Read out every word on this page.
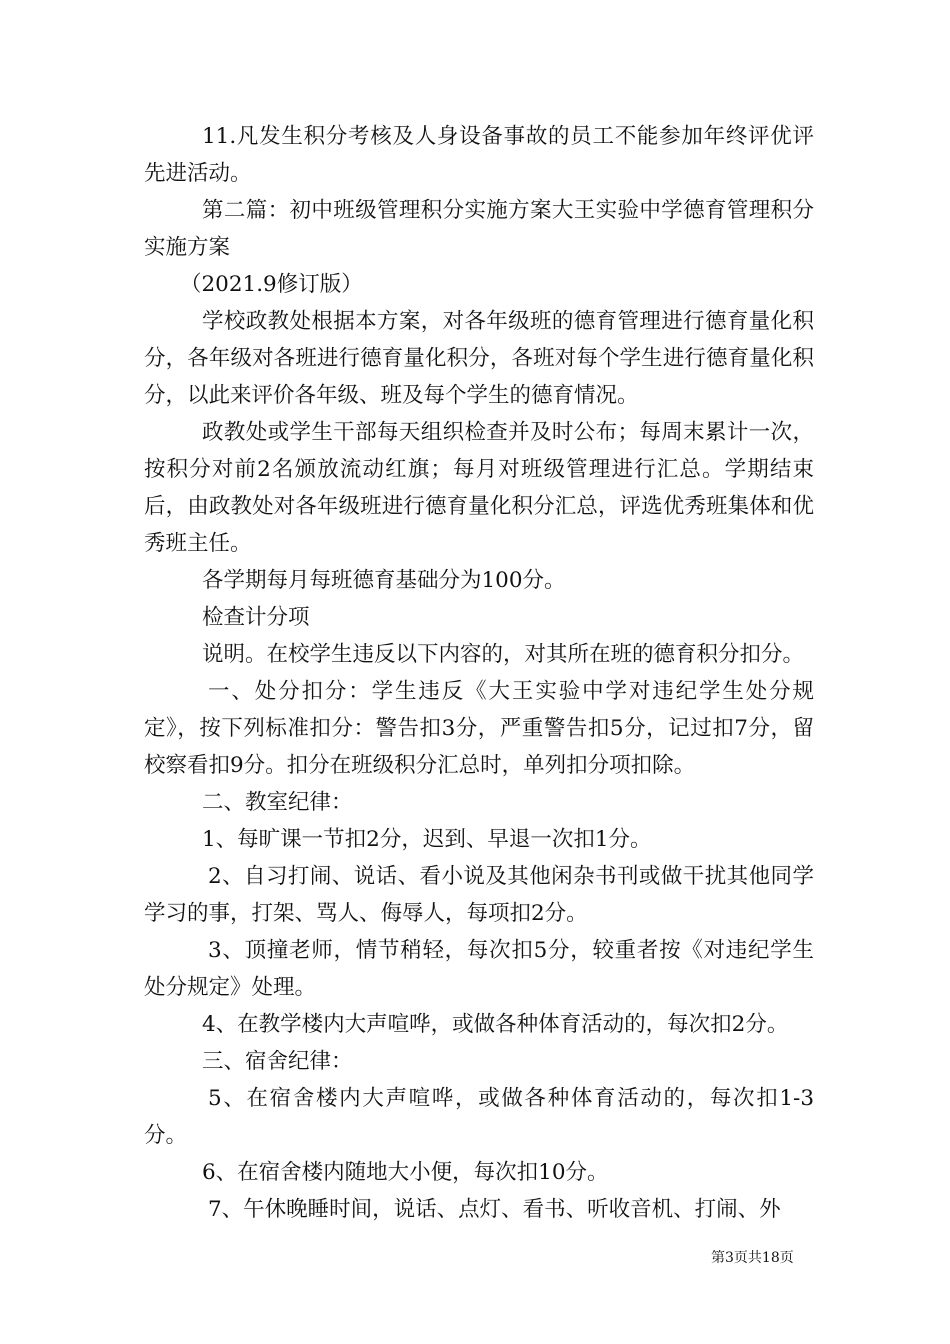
11.凡发生积分考核及人身设备事故的员工不能参加年终评优评先进活动。

第二篇：初中班级管理积分实施方案大王实验中学德育管理积分实施方案

（2021.9修订版）

学校政教处根据本方案，对各年级班的德育管理进行德育量化积分，各年级对各班进行德育量化积分，各班对每个学生进行德育量化积分，以此来评价各年级、班及每个学生的德育情况。

政教处或学生干部每天组织检查并及时公布；每周末累计一次，按积分对前2名颁放流动红旗；每月对班级管理进行汇总。学期结束后，由政教处对各年级班进行德育量化积分汇总，评选优秀班集体和优秀班主任。

各学期每月每班德育基础分为100分。

检查计分项

说明。在校学生违反以下内容的，对其所在班的德育积分扣分。

一、处分扣分：学生违反《大王实验中学对违纪学生处分规定》，按下列标准扣分：警告扣3分，严重警告扣5分，记过扣7分，留校察看扣9分。扣分在班级积分汇总时，单列扣分项扣除。

二、教室纪律：

1、每旷课一节扣2分，迟到、早退一次扣1分。

2、自习打闹、说话、看小说及其他闲杂书刊或做干扰其他同学学习的事，打架、骂人、侮辱人，每项扣2分。

3、顶撞老师，情节稍轻，每次扣5分，较重者按《对违纪学生处分规定》处理。

4、在教学楼内大声喧哗，或做各种体育活动的，每次扣2分。

三、宿舍纪律：

5、在宿舍楼内大声喧哗，或做各种体育活动的，每次扣1-3分。

6、在宿舍楼内随地大小便，每次扣10分。

7、午休晚睡时间，说话、点灯、看书、听收音机、打闹、外

第3页共18页
